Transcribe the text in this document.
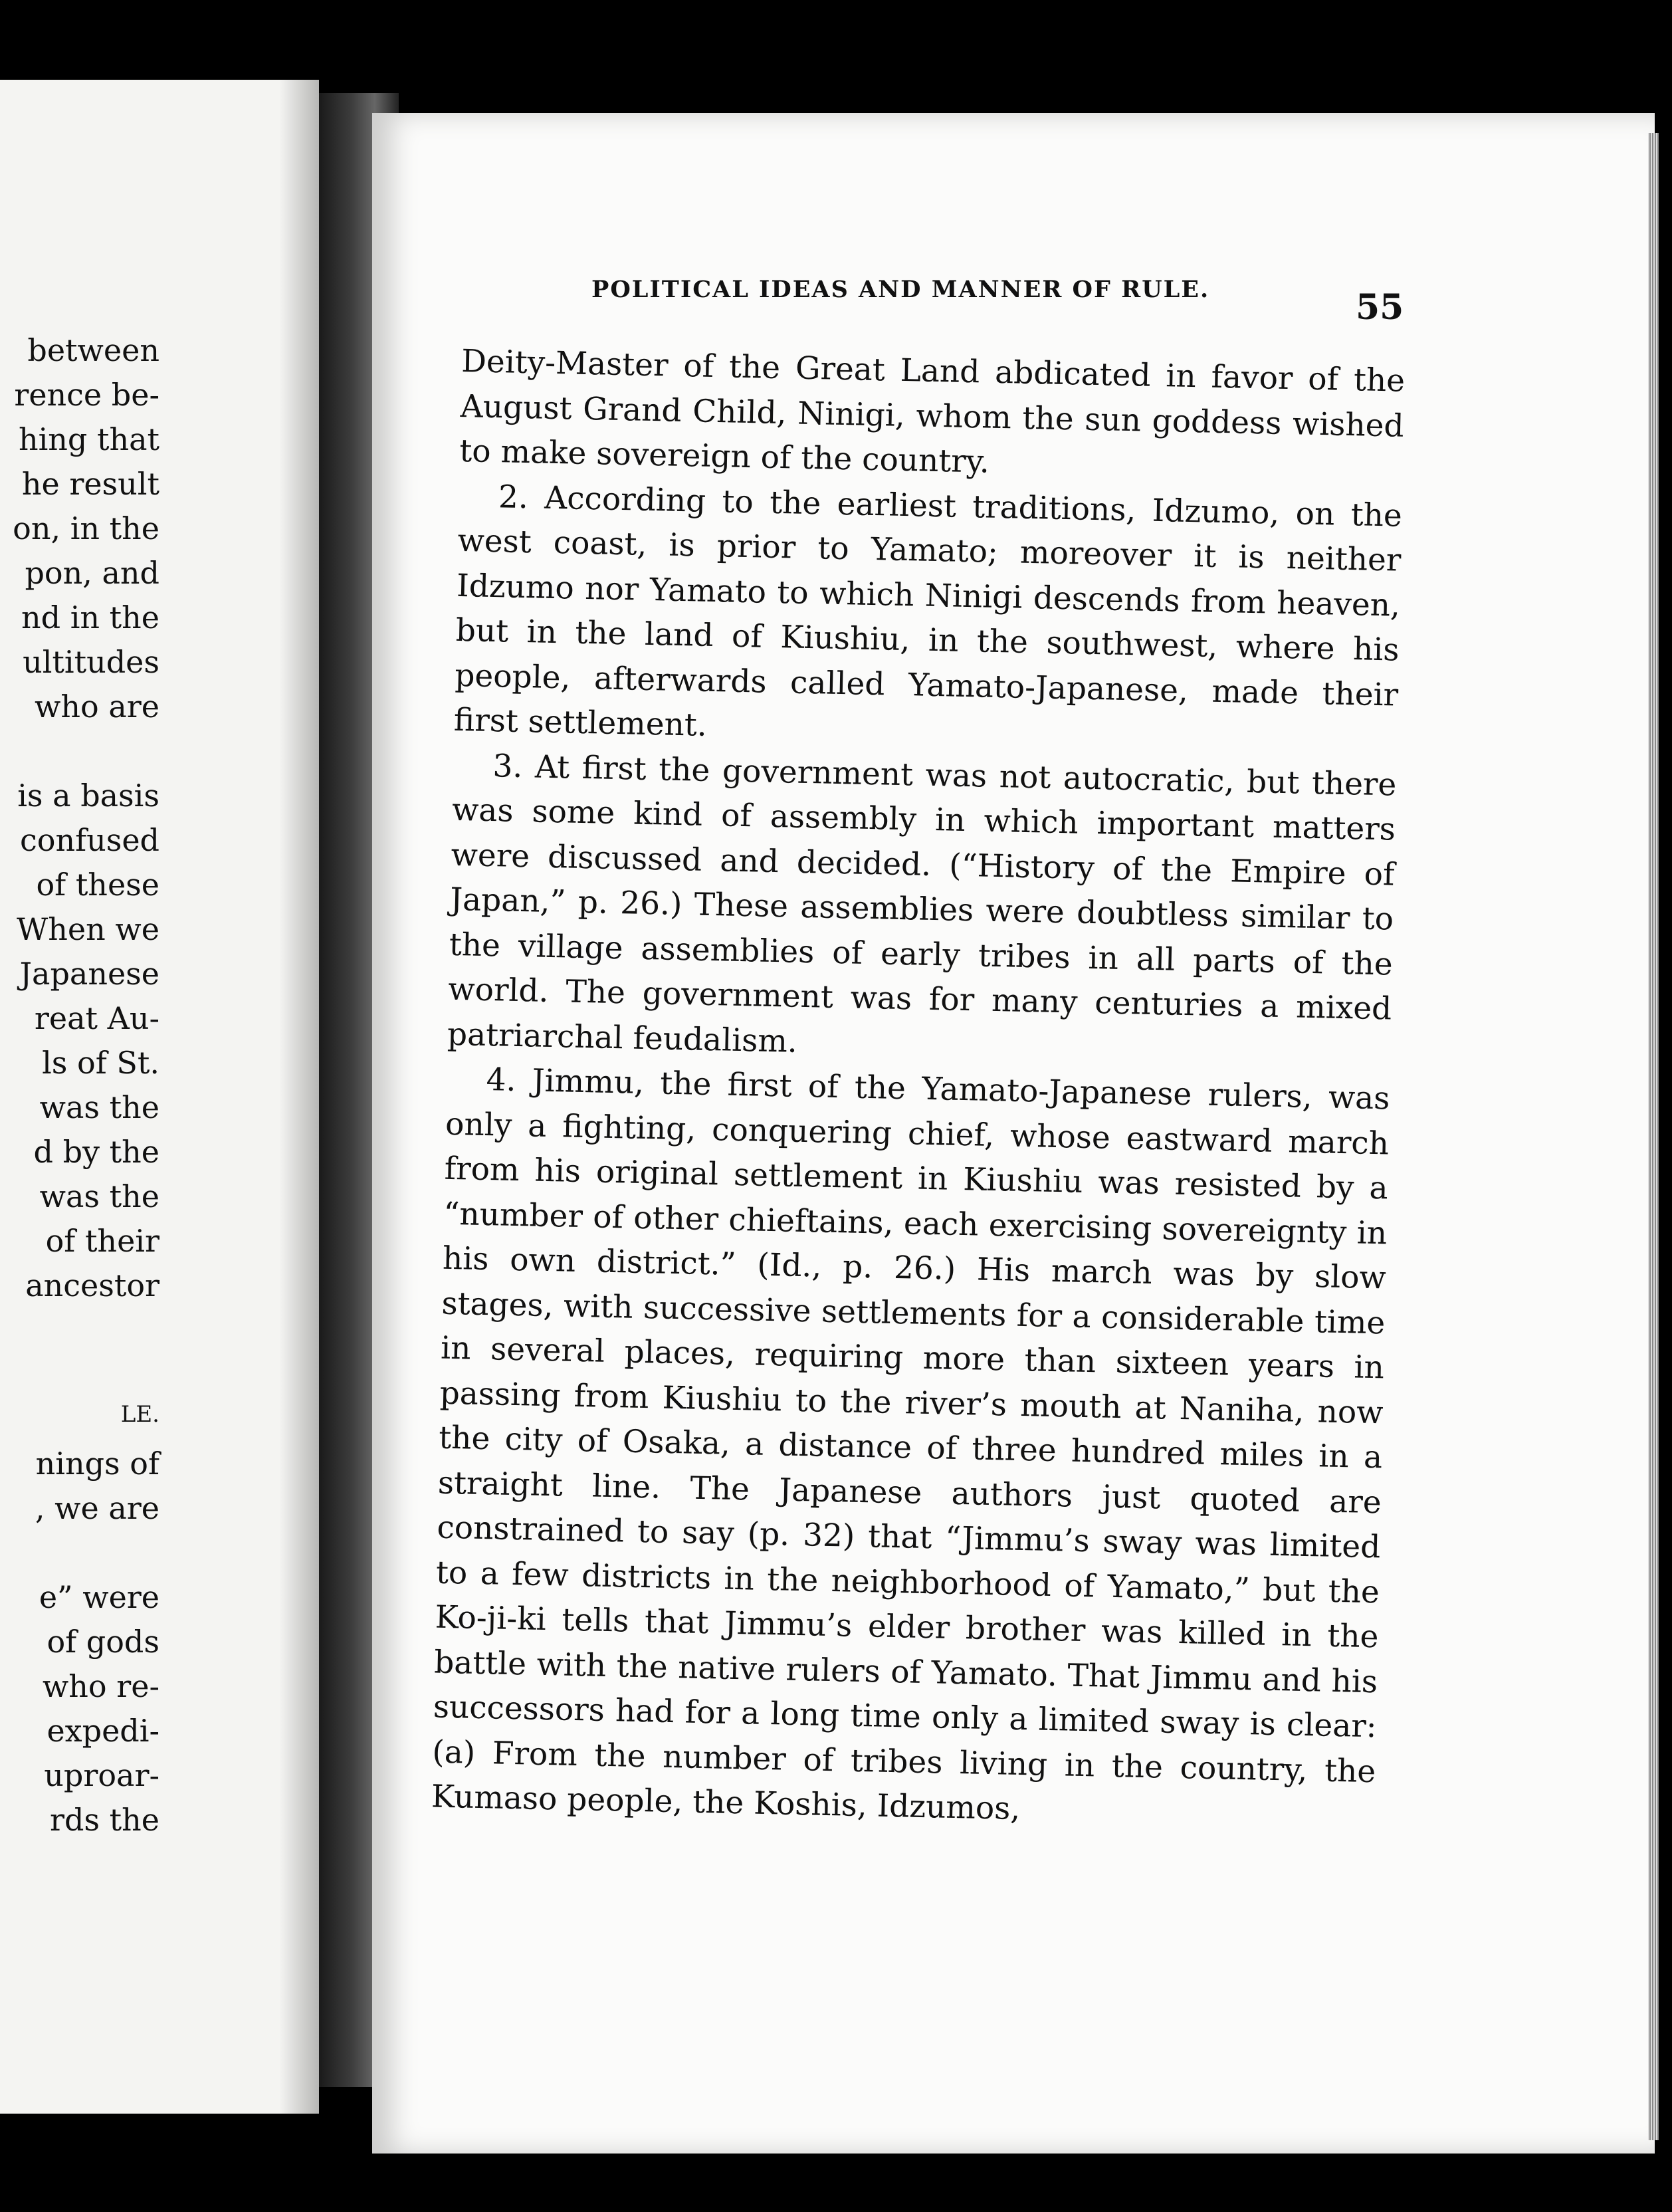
between
rence be-
hing that
he result
on, in the
pon, and
nd in the
ultitudes
who are
is a basis
confused
of these
When we
Japanese
reat Au-
ls of St.
was the
d by the
was the
of their
ancestor
LE.
nings of
, we are
e” were
of gods
who re-
expedi-
uproar-
rds the
POLITICAL IDEAS AND MANNER OF RULE.	55

Deity-Master of the Great Land abdicated in favor of the August Grand Child, Ninigi, whom the sun goddess wished to make sovereign of the country.

2. According to the earliest traditions, Idzumo, on the west coast, is prior to Yamato; moreover it is neither Idzumo nor Yamato to which Ninigi descends from heaven, but in the land of Kiushiu, in the southwest, where his people, afterwards called Yamato-Japanese, made their first settlement.

3. At first the government was not autocratic, but there was some kind of assembly in which important matters were discussed and decided. (“History of the Empire of Japan,” p. 26.) These assemblies were doubtless similar to the village assemblies of early tribes in all parts of the world. The government was for many centuries a mixed patriarchal feudalism.

4. Jimmu, the first of the Yamato-Japanese rulers, was only a fighting, conquering chief, whose eastward march from his original settlement in Kiushiu was resisted by a “number of other chieftains, each exercising sovereignty in his own district.” (Id., p. 26.) His march was by slow stages, with successive settlements for a considerable time in several places, requiring more than sixteen years in passing from Kiushiu to the river’s mouth at Naniha, now the city of Osaka, a distance of three hundred miles in a straight line. The Japanese authors just quoted are constrained to say (p. 32) that “Jimmu’s sway was limited to a few districts in the neighborhood of Yamato,” but the Ko-ji-ki tells that Jimmu’s elder brother was killed in the battle with the native rulers of Yamato. That Jimmu and his successors had for a long time only a limited sway is clear: (a) From the number of tribes living in the country, the Kumaso people, the Koshis, Idzumos,
